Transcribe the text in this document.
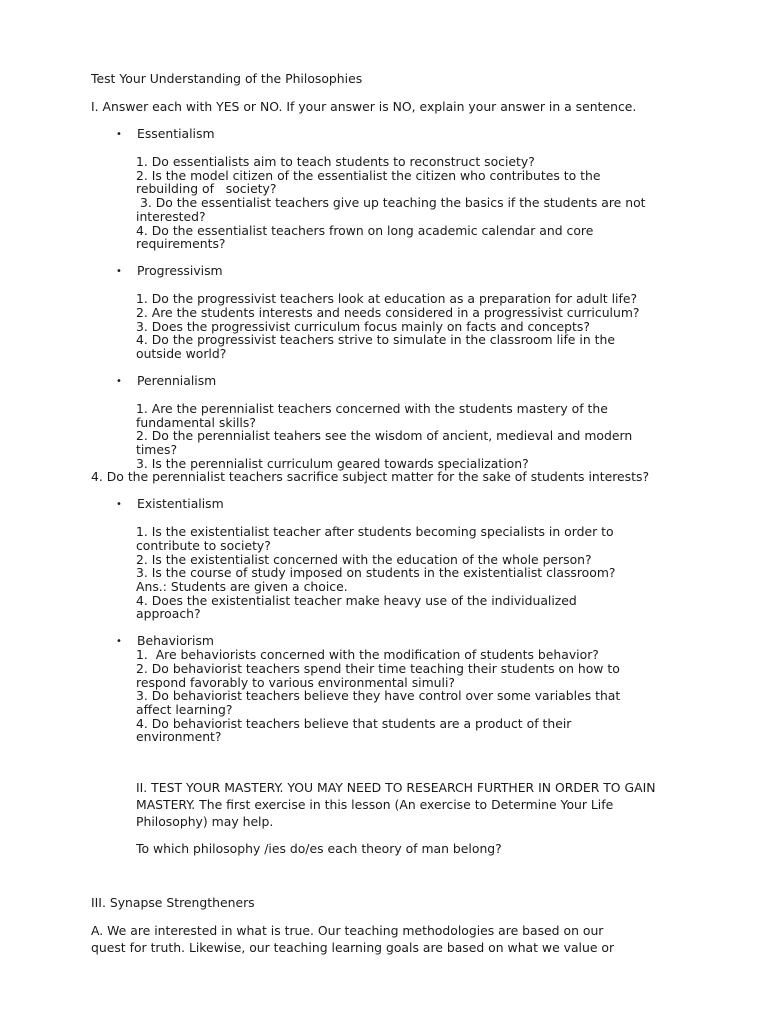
Test Your Understanding of the Philosophies
I. Answer each with YES or NO. If your answer is NO, explain your answer in a sentence.
• Essentialism
1. Do essentialists aim to teach students to reconstruct society?
2. Is the model citizen of the essentialist the citizen who contributes to the
rebuilding of   society?
3. Do the essentialist teachers give up teaching the basics if the students are not
interested?
4. Do the essentialist teachers frown on long academic calendar and core
requirements?
• Progressivism
1. Do the progressivist teachers look at education as a preparation for adult life?
2. Are the students interests and needs considered in a progressivist curriculum?
3. Does the progressivist curriculum focus mainly on facts and concepts?
4. Do the progressivist teachers strive to simulate in the classroom life in the
outside world?
• Perennialism
1. Are the perennialist teachers concerned with the students mastery of the
fundamental skills?
2. Do the perennialist teahers see the wisdom of ancient, medieval and modern
times?
3. Is the perennialist curriculum geared towards specialization?
4. Do the perennialist teachers sacrifice subject matter for the sake of students interests?
• Existentialism
1. Is the existentialist teacher after students becoming specialists in order to
contribute to society?
2. Is the existentialist concerned with the education of the whole person?
3. Is the course of study imposed on students in the existentialist classroom?
Ans.: Students are given a choice.
4. Does the existentialist teacher make heavy use of the individualized
approach?
• Behaviorism
1.  Are behaviorists concerned with the modification of students behavior?
2. Do behaviorist teachers spend their time teaching their students on how to
respond favorably to various environmental simuli?
3. Do behaviorist teachers believe they have control over some variables that
affect learning?
4. Do behaviorist teachers believe that students are a product of their
environment?
II. TEST YOUR MASTERY. YOU MAY NEED TO RESEARCH FURTHER IN ORDER TO GAIN
MASTERY. The first exercise in this lesson (An exercise to Determine Your Life
Philosophy) may help.
To which philosophy /ies do/es each theory of man belong?
III. Synapse Strengtheners
A. We are interested in what is true. Our teaching methodologies are based on our
quest for truth. Likewise, our teaching learning goals are based on what we value or
